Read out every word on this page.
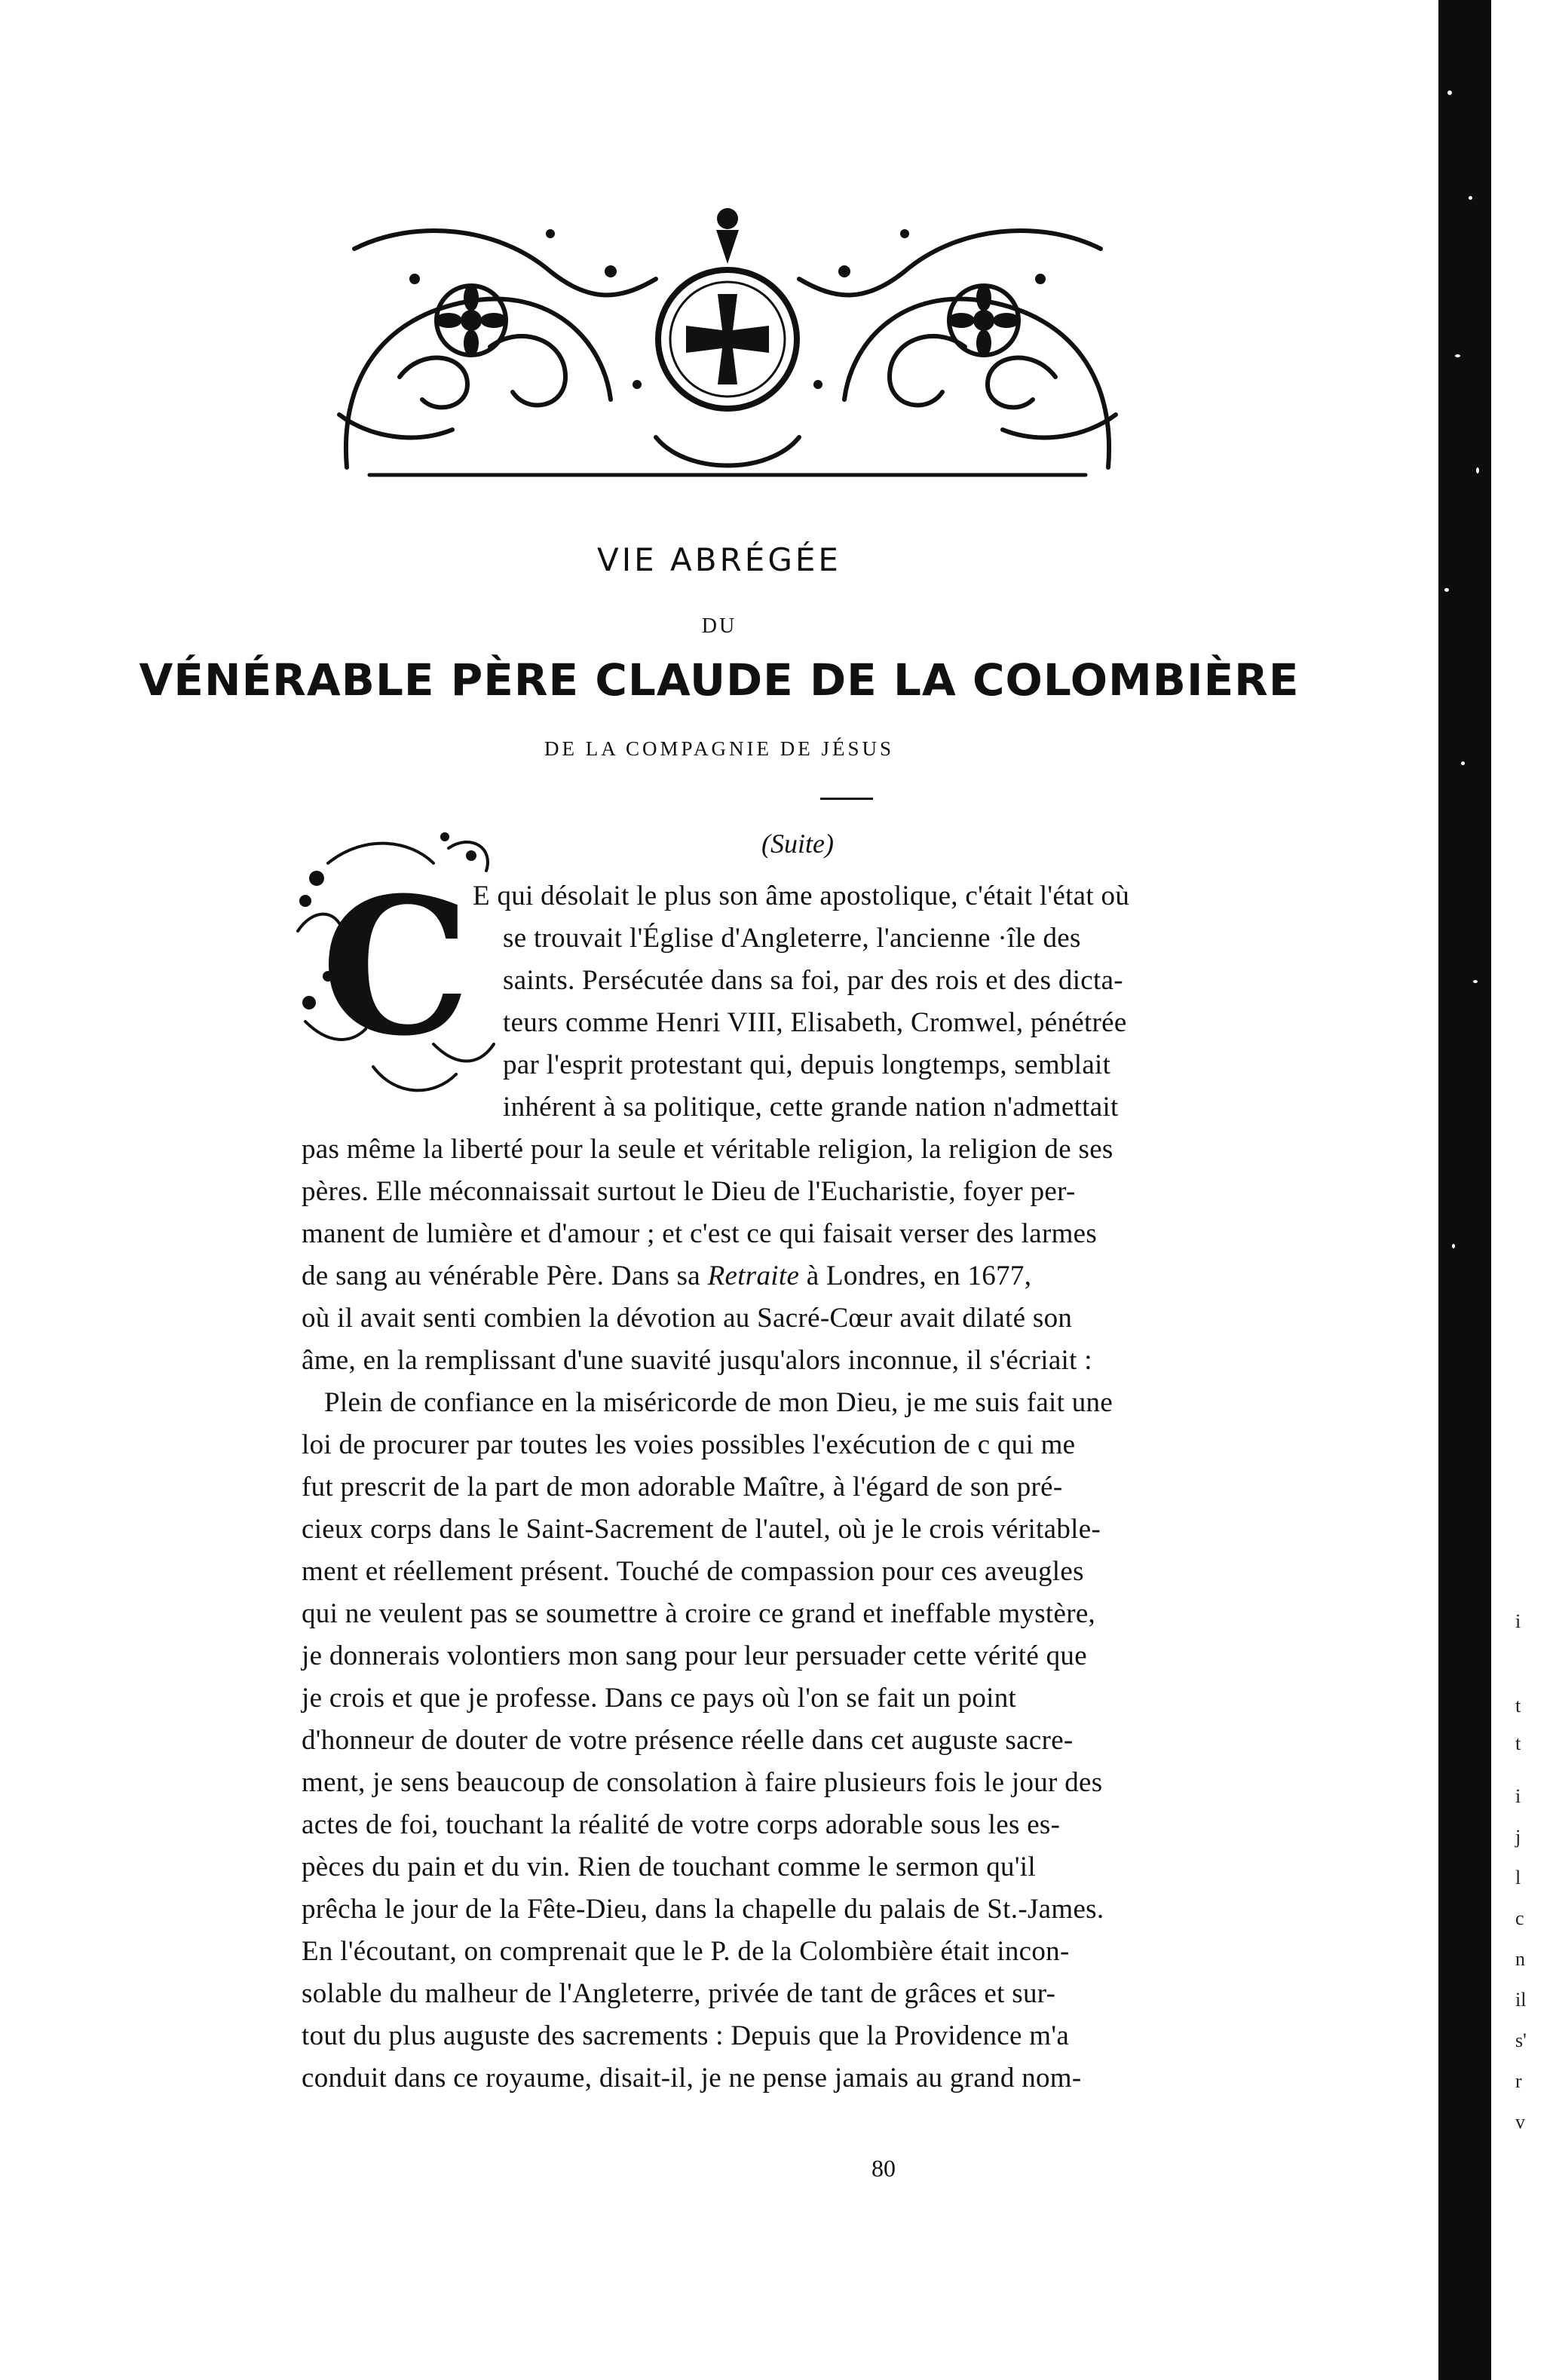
i
t
t
i
j
l
c
n
il
s'
r
v
VIE ABRÉGÉE
DU
VÉNÉRABLE PÈRE CLAUDE DE LA COLOMBIÈRE
DE LA COMPAGNIE DE JÉSUS
(Suite)
C E qui désolait le plus son âme apostolique, c'était l'état où
se trouvait l'Église d'Angleterre, l'ancienne ·île des
saints. Persécutée dans sa foi, par des rois et des dicta-
teurs comme Henri VIII, Elisabeth, Cromwel, pénétrée
par l'esprit protestant qui, depuis longtemps, semblait
inhérent à sa politique, cette grande nation n'admettait
pas même la liberté pour la seule et véritable religion, la religion de ses
pères. Elle méconnaissait surtout le Dieu de l'Eucharistie, foyer per-
manent de lumière et d'amour ; et c'est ce qui faisait verser des larmes
de sang au vénérable Père. Dans sa Retraite à Londres, en 1677,
où il avait senti combien la dévotion au Sacré-Cœur avait dilaté son
âme, en la remplissant d'une suavité jusqu'alors inconnue, il s'écriait :
Plein de confiance en la miséricorde de mon Dieu, je me suis fait une
loi de procurer par toutes les voies possibles l'exécution de c qui me
fut prescrit de la part de mon adorable Maître, à l'égard de son pré-
cieux corps dans le Saint-Sacrement de l'autel, où je le crois véritable-
ment et réellement présent. Touché de compassion pour ces aveugles
qui ne veulent pas se soumettre à croire ce grand et ineffable mystère,
je donnerais volontiers mon sang pour leur persuader cette vérité que
je crois et que je professe. Dans ce pays où l'on se fait un point
d'honneur de douter de votre présence réelle dans cet auguste sacre-
ment, je sens beaucoup de consolation à faire plusieurs fois le jour des
actes de foi, touchant la réalité de votre corps adorable sous les es-
pèces du pain et du vin. Rien de touchant comme le sermon qu'il
prêcha le jour de la Fête-Dieu, dans la chapelle du palais de St.-James.
En l'écoutant, on comprenait que le P. de la Colombière était incon-
solable du malheur de l'Angleterre, privée de tant de grâces et sur-
tout du plus auguste des sacrements : Depuis que la Providence m'a
conduit dans ce royaume, disait-il, je ne pense jamais au grand nom-
80
